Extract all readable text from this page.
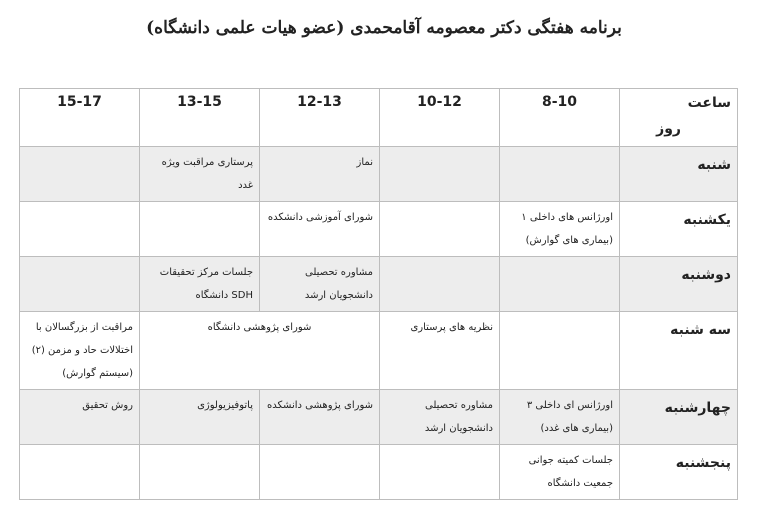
برنامه هفتگی دکتر معصومه آقامحمدی (عضو هیات علمی دانشگاه)
ساعت
روز	8-10	10-12	12-13	13-15	15-17
شنبه			نماز	پرستاری مراقبت ویژه غدد	
یکشنبه	اورژانس های داخلی ۱ (بیماری های گوارش)		شورای آموزشی دانشکده		
دوشنبه			مشاوره تحصیلی دانشجویان ارشد	جلسات مرکز تحقیقات SDH دانشگاه	
سه شنبه		نظریه های پرستاری	شورای پژوهشی دانشگاه		مراقبت از بزرگسالان با اختلالات حاد و مزمن (۲) (سیستم گوارش)
چهارشنبه	اورژانس ای داخلی ۳ (بیماری های غدد)	مشاوره تحصیلی دانشجویان ارشد	شورای پژوهشی دانشکده	پاتوفیزیولوژی	روش تحقیق
پنجشنبه	جلسات کمیته جوانی جمعیت دانشگاه				
